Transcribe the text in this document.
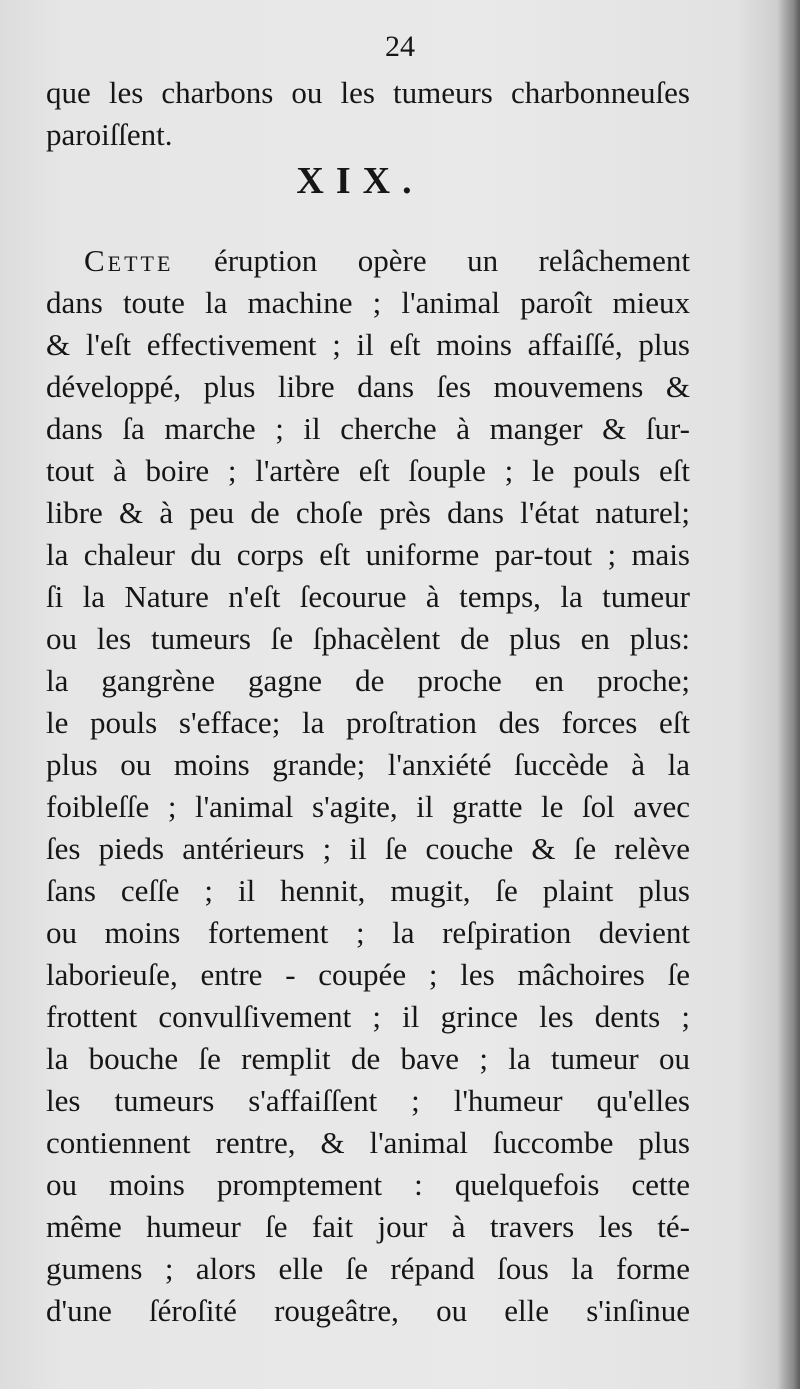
24
que les charbons ou les tumeurs charbonneuſes
paroiſſent.
XIX.
Cette éruption opère un relâchement
dans toute la machine ; l'animal paroît mieux
& l'eſt effectivement ; il eſt moins affaiſſé, plus
développé, plus libre dans ſes mouvemens &
dans ſa marche ; il cherche à manger & ſur-
tout à boire ; l'artère eſt ſouple ; le pouls eſt
libre & à peu de choſe près dans l'état naturel;
la chaleur du corps eſt uniforme par-tout ; mais
ſi la Nature n'eſt ſecourue à temps, la tumeur
ou les tumeurs ſe ſphacèlent de plus en plus:
la gangrène gagne de proche en proche;
le pouls s'efface; la proſtration des forces eſt
plus ou moins grande; l'anxiété ſuccède à la
foibleſſe ; l'animal s'agite, il gratte le ſol avec
ſes pieds antérieurs ; il ſe couche & ſe relève
ſans ceſſe ; il hennit, mugit, ſe plaint plus
ou moins fortement ; la reſpiration devient
laborieuſe, entre - coupée ; les mâchoires ſe
frottent convulſivement ; il grince les dents ;
la bouche ſe remplit de bave ; la tumeur ou
les tumeurs s'affaiſſent ; l'humeur qu'elles
contiennent rentre, & l'animal ſuccombe plus
ou moins promptement : quelquefois cette
même humeur ſe fait jour à travers les té-
gumens ; alors elle ſe répand ſous la forme
d'une ſéroſité rougeâtre, ou elle s'inſinue
